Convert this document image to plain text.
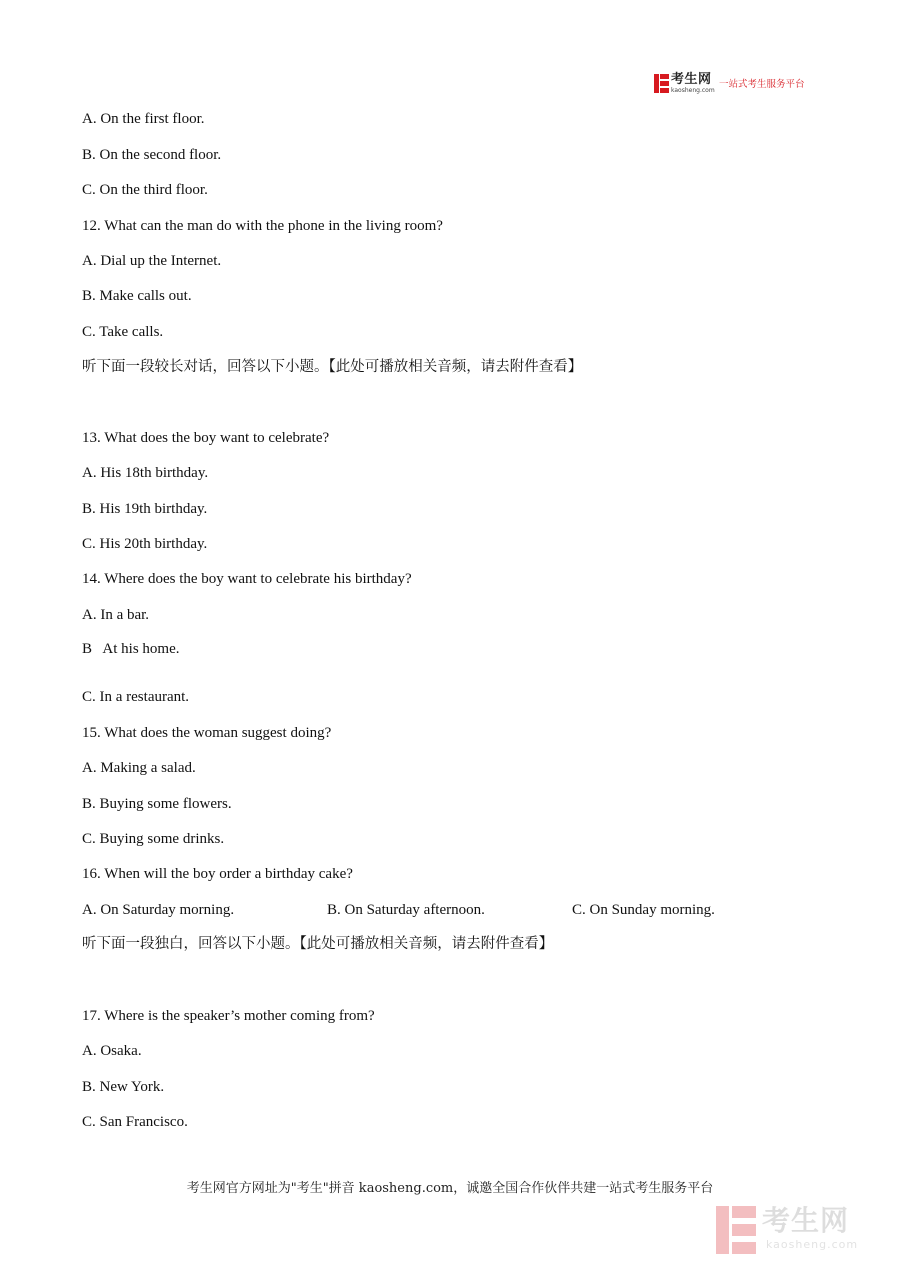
考生网
kaosheng.com
一站式考生服务平台
A. On the first floor.
B. On the second floor.
C. On the third floor.
12. What can the man do with the phone in the living room?
A. Dial up the Internet.
B. Make calls out.
C. Take calls.
听下面一段较长对话，回答以下小题。【此处可播放相关音频，请去附件查看】
13. What does the boy want to celebrate?
A. His 18th birthday.
B. His 19th birthday.
C. His 20th birthday.
14. Where does the boy want to celebrate his birthday?
A. In a bar.
B   At his home.
C. In a restaurant.
15. What does the woman suggest doing?
A. Making a salad.
B. Buying some flowers.
C. Buying some drinks.
16. When will the boy order a birthday cake?
A. On Saturday morning.	B. On Saturday afternoon.	C. On Sunday morning.
听下面一段独白，回答以下小题。【此处可播放相关音频，请去附件查看】
17. Where is the speaker’s mother coming from?
A. Osaka.
B. New York.
C. San Francisco.
考生网官方网址为"考生"拼音 kaosheng.com，诚邀全国合作伙伴共建一站式考生服务平台
考生网
kaosheng.com
